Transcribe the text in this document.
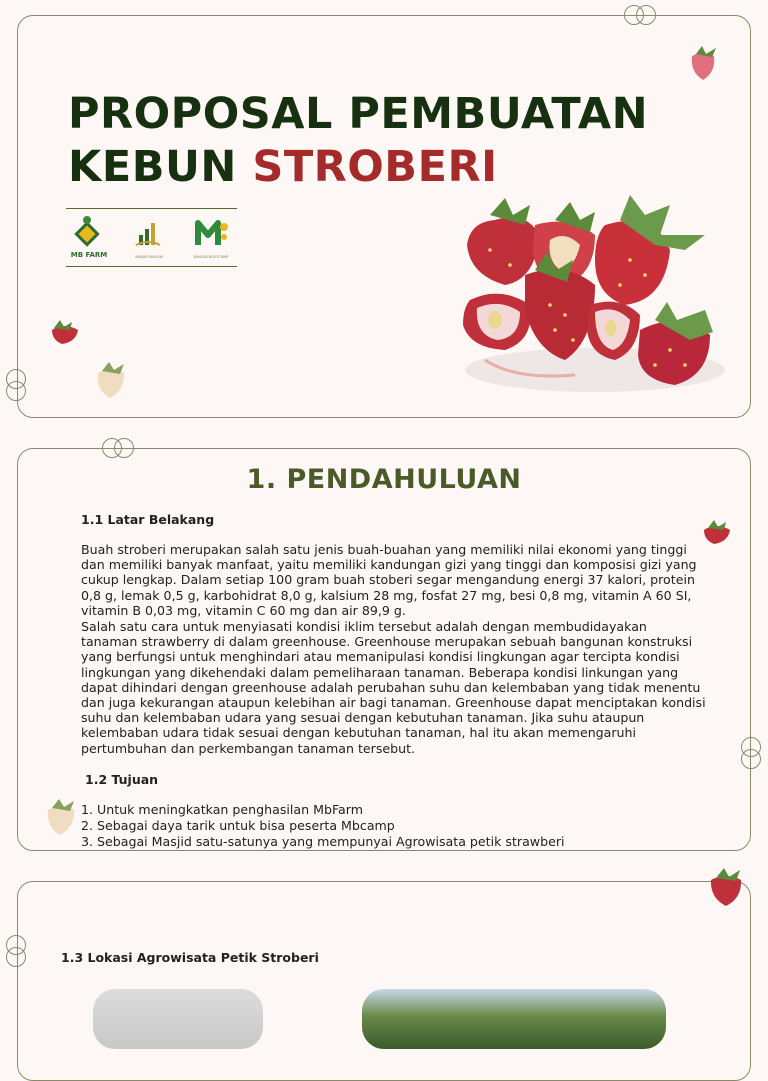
PROPOSAL PEMBUATAN
KEBUN STROBERI
MB FARM	MASJID MUSLIM	MUSLIM BOOTCAMP
1. PENDAHULUAN

1.1 Latar Belakang

Buah stroberi merupakan salah satu jenis buah-buahan yang memiliki nilai ekonomi yang tinggi dan memiliki banyak manfaat, yaitu memiliki kandungan gizi yang tinggi dan komposisi gizi yang cukup lengkap. Dalam setiap 100 gram buah stoberi segar mengandung energi 37 kalori, protein 0,8 g, lemak 0,5 g, karbohidrat 8,0 g, kalsium 28 mg, fosfat 27 mg, besi 0,8 mg, vitamin A 60 SI, vitamin B 0,03 mg, vitamin C 60 mg dan air 89,9 g.

Salah satu cara untuk menyiasati kondisi iklim tersebut adalah dengan membudidayakan tanaman strawberry di dalam greenhouse. Greenhouse merupakan sebuah bangunan konstruksi yang berfungsi untuk menghindari atau memanipulasi kondisi lingkungan agar tercipta kondisi lingkungan yang dikehendaki dalam pemeliharaan tanaman. Beberapa kondisi linkungan yang dapat dihindari dengan greenhouse adalah perubahan suhu dan kelembaban yang tidak menentu dan juga kekurangan ataupun kelebihan air bagi tanaman. Greenhouse dapat menciptakan kondisi suhu dan kelembaban udara yang sesuai dengan kebutuhan tanaman. Jika suhu ataupun kelembaban udara tidak sesuai dengan kebutuhan tanaman, hal itu akan memengaruhi pertumbuhan dan perkembangan tanaman tersebut.

1.2 Tujuan

1. Untuk meningkatkan penghasilan MbFarm
2. Sebagai daya tarik untuk bisa peserta Mbcamp
3. Sebagai Masjid satu-satunya yang mempunyai Agrowisata petik strawberi

1.3 Lokasi Agrowisata Petik Stroberi
